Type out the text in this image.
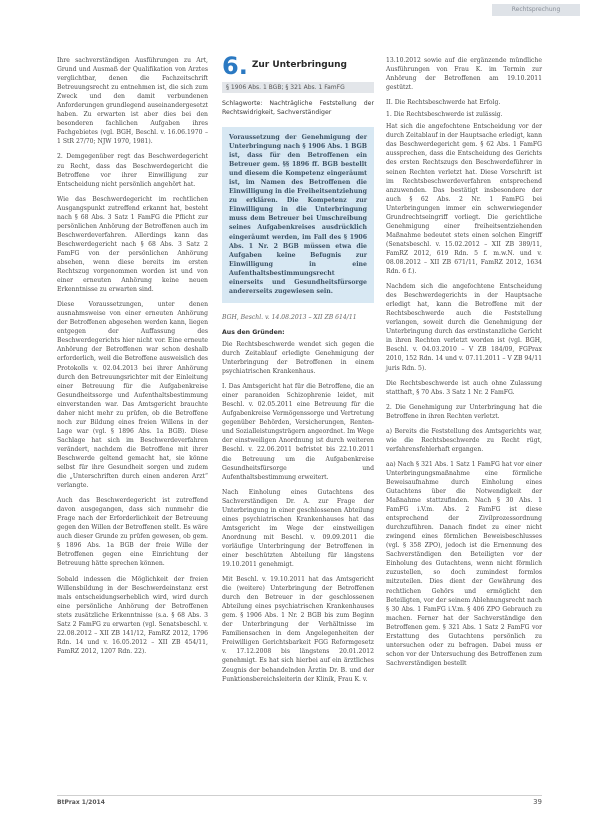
Rechtsprechung

Ihre sachverständigen Ausführungen zu Art, Grund und Ausmaß der Qualifikation von Arztes verglichtbar, denen die Fachzeitschrift Betreuungsrecht zu entnehmen ist, die sich zum Zweck und den damit verbundenen Anforderungen grundlegend auseinandergesetzt haben. Zu erwarten ist aber dies bei den besonderen fachlichen Aufgaben ihres Fachgebietes (vgl. BGH, Beschl. v. 16.06.1970 – 1 StR 27/70; NJW 1970, 1981).

2. Demgegenüber regt das Beschwerdegericht zu Recht, dass das Beschwerdegericht die Betroffene vor ihrer Einwilligung zur Entscheidung nicht persönlich angehört hat.

Wie das Beschwerdegericht im rechtlichen Ausgangspunkt zutreffend erkannt hat, besteht nach § 68 Abs. 3 Satz 1 FamFG die Pflicht zur persönlichen Anhörung der Betroffenen auch im Beschwerdeverfahren. Allerdings kann das Beschwerdegericht nach § 68 Abs. 3 Satz 2 FamFG von der persönlichen Anhörung absehen, wenn diese bereits im ersten Rechtszug vorgenommen worden ist und von einer erneuten Anhörung keine neuen Erkenntnisse zu erwarten sind.

Diese Voraussetzungen, unter denen ausnahmsweise von einer erneuten Anhörung der Betroffenen abgesehen werden kann, liegen entgegen der Auffassung des Beschwerdegerichts hier nicht vor. Eine erneute Anhörung der Betroffenen war schon deshalb erforderlich, weil die Betroffene ausweislich des Protokolls v. 02.04.2013 bei ihrer Anhörung durch den Betreuungsrichter mit der Einleitung einer Betreuung für die Aufgabenkreise Gesundheitssorge und Aufenthaltsbestimmung einverstanden war. Das Amtsgericht brauchte daher nicht mehr zu prüfen, ob die Betroffene noch zur Bildung eines freien Willens in der Lage war (vgl. § 1896 Abs. 1a BGB). Diese Sachlage hat sich im Beschwerdeverfahren verändert, nachdem die Betroffene mit ihrer Beschwerde geltend gemacht hat, sie könne selbst für ihre Gesundheit sorgen und zudem die „Unterschriften durch einen anderen Arzt“ verlangte.

Auch das Beschwerdegericht ist zutreffend davon ausgegangen, dass sich nunmehr die Frage nach der Erforderlichkeit der Betreuung gegen den Willen der Betroffenen stellt. Es wäre auch dieser Grunde zu prüfen gewesen, ob gem. § 1896 Abs. 1a BGB der freie Wille der Betroffenen gegen eine Einrichtung der Betreuung hätte sprechen können.

Sobald indessen die Möglichkeit der freien Willensbildung in der Beschwerdeinstanz erst mals entscheidungserheblich wird, wird durch eine persönliche Anhörung der Betroffenen stets zusätzliche Erkenntnisse (s.a. § 68 Abs. 3 Satz 2 FamFG zu erwarten (vgl. Senatsbeschl. v. 22.08.2012 – XII ZB 141/12, FamRZ 2012, 1796 Rdn. 14 und v. 16.05.2012 – XII ZB 454/11, FamRZ 2012, 1207 Rdn. 22).

6. Zur Unterbringung
§ 1906 Abs. 1 BGB; § 321 Abs. 1 FamFG
Schlagworte: Nachträgliche Feststellung der Rechtswidrigkeit, Sachverständiger
Voraussetzung der Genehmigung der Unterbringung nach § 1906 Abs. 1 BGB ist, dass für den Betroffenen ein Betreuer gem. §§ 1896 ff. BGB bestellt und diesem die Kompetenz eingeräumt ist, im Namen des Betroffenen die Einwilligung in die Freiheitsentziehung zu erklären. Die Kompetenz zur Einwilligung in die Unterbringung muss dem Betreuer bei Umschreibung seines Aufgabenkreises ausdrücklich eingeräumt werden, im Fall des § 1906 Abs. 1 Nr. 2 BGB müssen etwa die Aufgaben keine Befugnis zur Einwilligung in eine Aufenthaltsbestimmungsrecht einerseits und Gesundheitsfürsorge andererseits zugewiesen sein.

BGH, Beschl. v. 14.08.2013 – XII ZB 614/11

Aus den Gründen:

Die Rechtsbeschwerde wendet sich gegen die durch Zeitablauf erledigte Genehmigung der Unterbringung der Betroffenen in einem psychiatrischen Krankenhaus.

I. Das Amtsgericht hat für die Betroffene, die an einer paranoiden Schizophrenie leidet, mit Beschl. v. 02.05.2011 eine Betreuung für die Aufgabenkreise Vermögenssorge und Vertretung gegenüber Behörden, Versicherungen, Renten- und Sozialleistungsträgern angeordnet. Im Wege der einstweiligen Anordnung ist durch weiteren Beschl. v. 22.06.2011 befristet bis 22.10.2011 die Betreuung um die Aufgabenkreise Gesundheitsfürsorge und Aufenthaltsbestimmung erweitert.

Nach Einholung eines Gutachtens des Sachverständigen Dr. A. zur Frage der Unterbringung in einer geschlossenen Abteilung eines psychiatrischen Krankenhauses hat das Amtsgericht im Wege der einstweiligen Anordnung mit Beschl. v. 09.09.2011 die vorläufige Unterbringung der Betroffenen in einer beschützten Abteilung für längstens 19.10.2011 genehmigt.

Mit Beschl. v. 19.10.2011 hat das Amtsgericht die (weitere) Unterbringung der Betroffenen durch den Betreuer in der geschlossenen Abteilung eines psychiatrischen Krankenhauses gem. § 1906 Abs. 1 Nr. 2 BGB bis zum Beginn der Unterbringung der Verhältnisse im Familiensachen in dem Angelegenheiten der Freiwilligen Gerichtsbarkeit FGG Reformgesetz v. 17.12.2008 bis längstens 20.01.2012 genehmigt. Es hat sich hierbei auf ein ärztliches Zeugnis der behandelnden Ärztin Dr. B. und der Funktionsbereichsleiterin der Klinik, Frau K. v.

13.10.2012 sowie auf die ergänzende mündliche Ausführungen von Frau K. im Termin zur Anhörung der Betroffenen am 19.10.2011 gestützt.

II. Die Rechtsbeschwerde hat Erfolg.

1. Die Rechtsbeschwerde ist zulässig.

Hat sich die angefochtene Entscheidung vor der durch Zeitablauf in der Hauptsache erledigt, kann das Beschwerdegericht gem. § 62 Abs. 1 FamFG aussprechen, dass die Entscheidung des Gerichts des ersten Rechtszugs den Beschwerdeführer in seinen Rechten verletzt hat. Diese Vorschrift ist im Rechtsbeschwerdeverfahren entsprechend anzuwenden. Das bestätigt insbesondere der auch § 62 Abs. 2 Nr. 1 FamFG bei Unterbringungen immer ein schwerwiegender Grundrechtseingriff vorliegt. Die gerichtliche Genehmigung einer freiheitsentziehenden Maßnahme bedeutet stets einen solchen Eingriff (Senatsbeschl. v. 15.02.2012 – XII ZB 389/11, FamRZ 2012, 619 Rdn. 5 f. m.w.N. und v. 08.08.2012 – XII ZB 671/11, FamRZ 2012, 1634 Rdn. 6 f.).

Nachdem sich die angefochtene Entscheidung des Beschwerdegerichts in der Hauptsache erledigt hat, kann die Betroffene mit der Rechtsbeschwerde auch die Feststellung verlangen, soweit durch die Genehmigung der Unterbringung durch das erstinstanzliche Gericht in ihren Rechten verletzt worden ist (vgl. BGH, Beschl. v. 04.03.2010 – V ZB 184/09, FGPrax 2010, 152 Rdn. 14 und v. 07.11.2011 – V ZB 94/11 juris Rdn. 5).

Die Rechtsbeschwerde ist auch ohne Zulassung statthaft, § 70 Abs. 3 Satz 1 Nr. 2 FamFG.

2. Die Genehmigung zur Unterbringung hat die Betroffene in ihren Rechten verletzt.

a) Bereits die Feststellung des Amtsgerichts war, wie die Rechtsbeschwerde zu Recht rügt, verfahrensfehlerhaft ergangen.

aa) Nach § 321 Abs. 1 Satz 1 FamFG hat vor einer Unterbringungsmaßnahme eine förmliche Beweisaufnahme durch Einholung eines Gutachtens über die Notwendigkeit der Maßnahme stattzufinden. Nach § 30 Abs. 1 FamFG i.V.m. Abs. 2 FamFG ist diese entsprechend der Zivilprozessordnung durchzuführen. Danach findet zu einer nicht zwingend eines förmlichen Beweisbeschlusses (vgl. § 358 ZPO), jedoch ist die Ernennung des Sachverständigen den Beteiligten vor der Einholung des Gutachtens, wenn nicht förmlich zuzustellen, so doch zumindest formlos mitzuteilen. Dies dient der Gewährung des rechtlichen Gehörs und ermöglicht den Beteiligten, vor der seinem Ablehnungsrecht nach § 30 Abs. 1 FamFG i.V.m. § 406 ZPO Gebrauch zu machen. Ferner hat der Sachverständige den Betroffenen gem. § 321 Abs. 1 Satz 2 FamFG vor Erstattung des Gutachtens persönlich zu untersuchen oder zu befragen. Dabei muss er schon vor der Untersuchung des Betroffenen zum Sachverständigen bestellt

BtPrax 1/2014	39
